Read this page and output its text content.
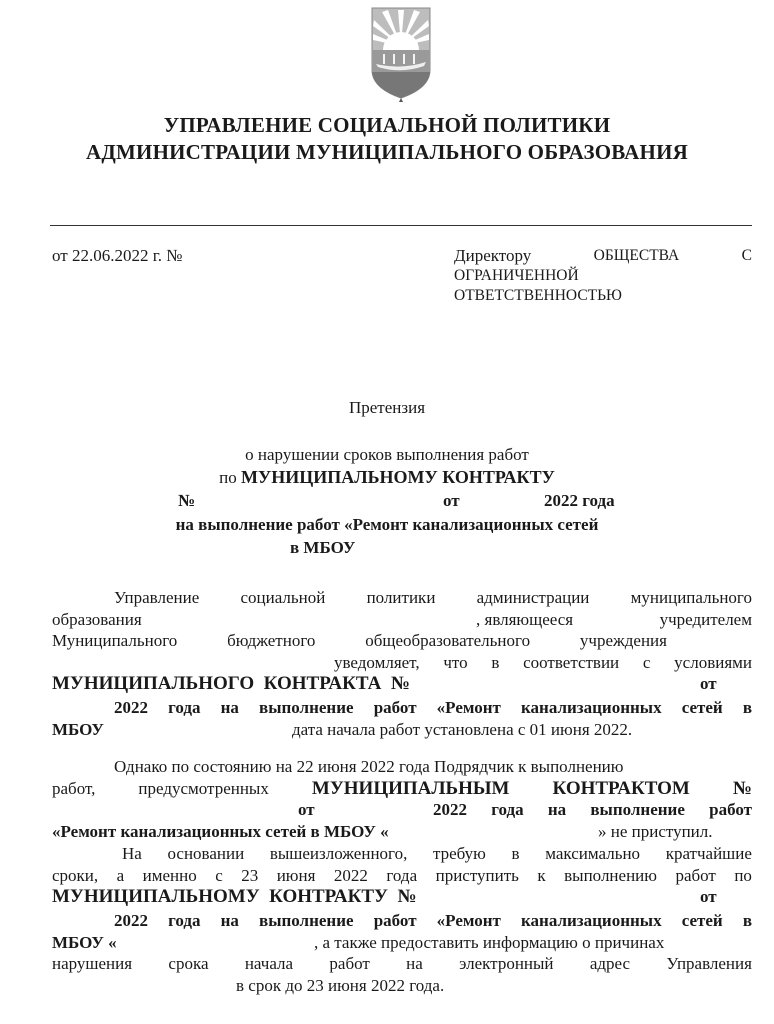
УПРАВЛЕНИЕ СОЦИАЛЬНОЙ ПОЛИТИКИ
АДМИНИСТРАЦИИ МУНИЦИПАЛЬНОГО ОБРАЗОВАНИЯ
от 22.06.2022 г. №	Директору	ОБЩЕСТВА	С
ОГРАНИЧЕННОЙ
ОТВЕТСТВЕННОСТЬЮ
Претензия
о нарушении сроков выполнения работ
по МУНИЦИПАЛЬНОМУ КОНТРАКТУ
№	от	2022 года
на выполнение работ «Ремонт канализационных сетей
в МБОУ
Управление социальной политики администрации муниципального
образования	, являющееся	учредителем
Муниципального	бюджетного	общеобразовательного	учреждения
уведомляет, что в соответствии с условиями
МУНИЦИПАЛЬНОГО  КОНТРАКТА  №	от
2022 года на выполнение работ «Ремонт канализационных сетей в
МБОУ	дата начала работ установлена с 01 июня 2022.
Однако по состоянию на 22 июня 2022 года Подрядчик к выполнению
работ,	предусмотренных МУНИЦИПАЛЬНЫМ КОНТРАКТОМ №
от	2022 года на выполнение работ
«Ремонт канализационных сетей в МБОУ «	» не приступил.
На основании вышеизложенного, требую в максимально кратчайшие
сроки, а именно с 23 июня 2022 года приступить к выполнению работ по
МУНИЦИПАЛЬНОМУ  КОНТРАКТУ  №	от
2022 года на выполнение работ «Ремонт канализационных сетей в
МБОУ «	, а также предоставить информацию о причинах
нарушения срока начала работ на электронный адрес Управления
в срок до 23 июня 2022 года.
